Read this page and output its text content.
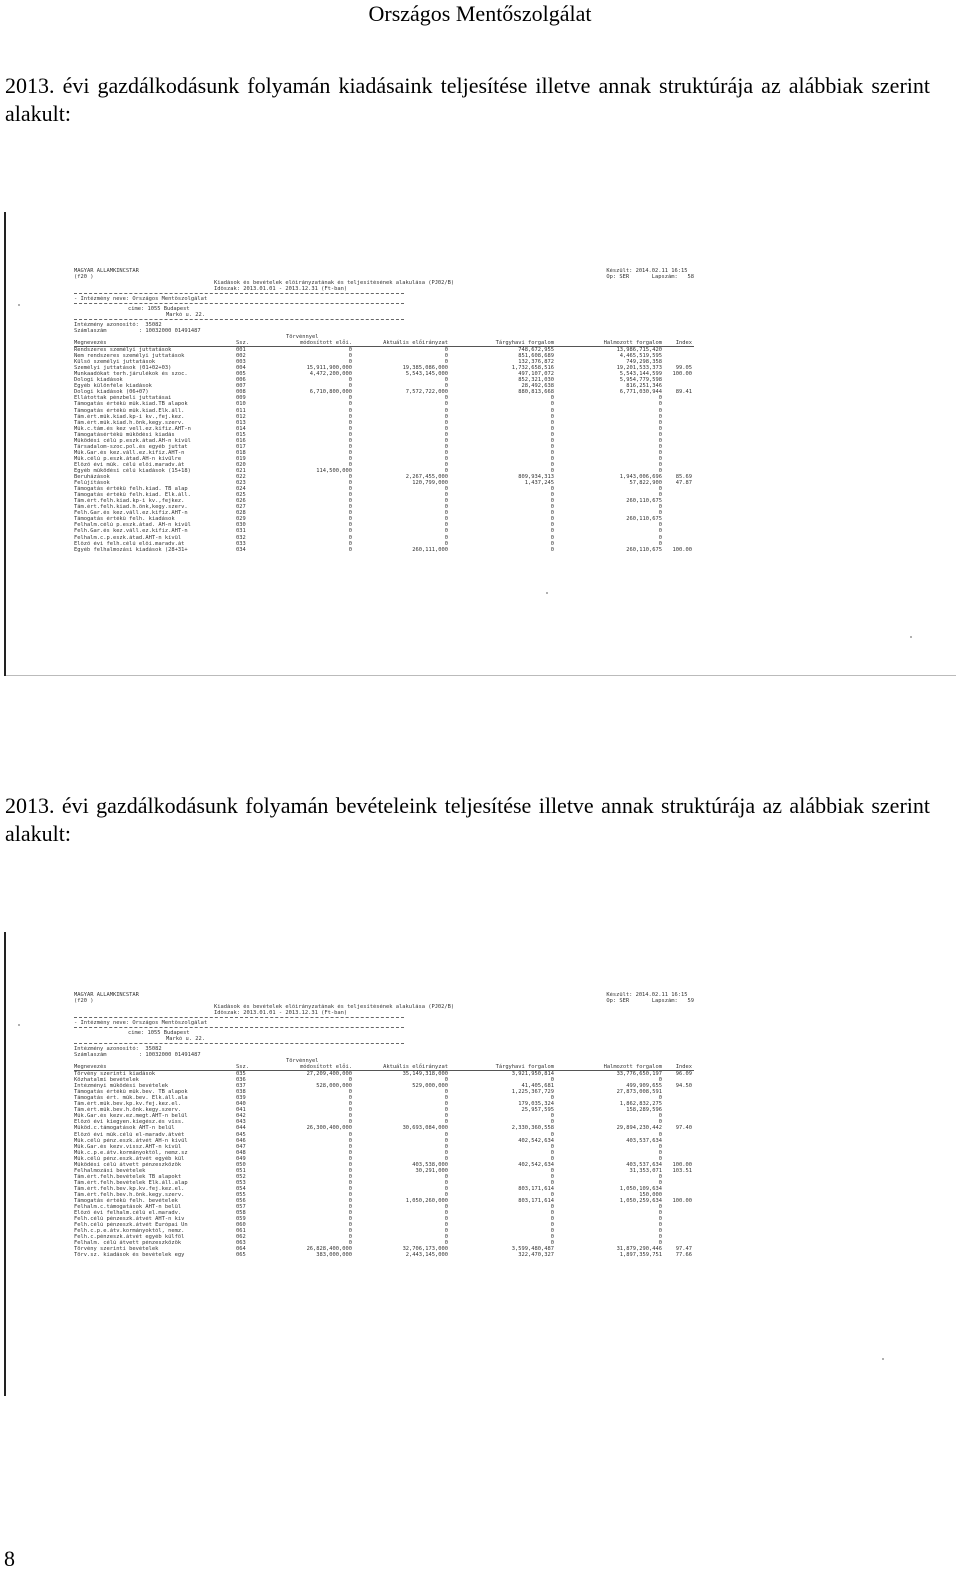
Országos Mentőszolgálat
2013. évi gazdálkodásunk folyamán kiadásaink teljesítése illetve annak struktúrája az alábbiak szerint alakult:
MAGYAR ÁLLAMKINCSTÁR
(f20 )
Készült: 2014.02.11 16:15
Op: SER       Lapszám:   58
Kiadások és bevételek előirányzatának és teljesítésének alakulása (PJ02/B)
Időszak: 2013.01.01 - 2013.12.31 (Ft-ban)
- Intézmény neve: Országos Mentőszolgálat
cime: 1055 Budapest
Markó u. 22.
Intézmény azonosító:  35082
Számlaszám          : 10032000 01491487
Törvénnyel
Megnevezés	Ssz.	módosított elői.	Aktuális előirányzat	Tárgyhavi forgalom	Halmozott forgalom	Index
Rendszeres személyi juttatások	001	0	0	748,672,955	13,986,715,420
Nem rendszeres személyi juttatások	002	0	0	851,608,689	4,465,519,595
Külső személyi juttatások	003	0	0	132,376,872	749,298,358
Személyi juttatások (01+02+03)	004	15,911,900,000	19,385,086,000	1,732,658,516	19,201,533,373	99.05
Munkaadókat terh.járulékok és szoc.	005	4,472,200,000	5,543,145,000	497,107,072	5,543,144,599	100.00
Dologi kiadások	006	0	0	852,321,030	5,954,779,598
Egyéb különféle kiadások	007	0	0	28,492,638	816,251,346
Dologi kiadások (06+07)	008	6,710,800,000	7,572,722,000	880,813,668	6,771,030,944	89.41
Ellátottak pénzbeli juttatásai	009	0	0	0	0
Támogatás értékű műk.kiad.TB alapok	010	0	0	0	0
Támogatás értékű műk.kiad.Elk.áll.	011	0	0	0	0
Tám.ért.műk.kiad.kp-i kv.,fej.kez.	012	0	0	0	0
Tám.ért.műk.kiad.h.önk,kegy.szerv.	013	0	0	0	0
Műk.c.tám.és kez vell.ez.kifiz.ÁHT-n	014	0	0	0	0
Támogatásértékű működési kiadás	015	0	0	0	0
Működési célú p.eszk.átad.ÁH-n kívül	016	0	0	0	0
Társadalom-szoc.pol.és egyéb juttat	017	0	0	0	0
Műk.Gar.és kez.váll.ez.kifiz.ÁHT-n	018	0	0	0	0
Műk.célú p.eszk.átad.ÁH-n kívülre	019	0	0	0	0
Előző évi műk. célú elői.maradv.át	020	0	0	0	0
Egyéb működési célú kiadások (15+18)	021	114,500,000	0	0	0
Beruházások	022	0	2,267,455,000	809,934,313	1,943,006,696	85.69
Felújítások	023	0	120,799,000	1,437,245	57,822,900	47.87
Támogatás értékű felh.kiad. TB alap	024	0	0	0	0
Támogatás értékű felh.kiad. Elk.áll.	025	0	0	0	0
Tám.ért.felh.kiad.kp-i kv.,fejkez.	026	0	0	0	260,110,675
Tám.ért.felh.kiad.h.önk,kegy.szerv.	027	0	0	0	0
Felh.Gar.és kez.váll.ez.kifiz.ÁHT-n	028	0	0	0	0
Támogatás értékű felh. kiadások	029	0	0	0	260,110,675
Felhalm.célú p.eszk.átad. ÁH-n kívül	030	0	0	0	0
Felh.Gar.és kez.váll.ez.kifiz.ÁHT-n	031	0	0	0	0
Felhalm.c.p.eszk.átad.ÁHT-n kívül	032	0	0	0	0
Előző évi felh.célú elői.maradv.át	033	0	0	0	0
Egyéb felhalmozási kiadások (28+31+	034	0	260,111,000	0	260,110,675	100.00
2013. évi gazdálkodásunk folyamán bevételeink teljesítése illetve annak struktúrája az alábbiak szerint alakult:
MAGYAR ÁLLAMKINCSTÁR
(f20 )
Készült: 2014.02.11 16:15
Op: SER       Lapszám:   59
Kiadások és bevételek előirányzatának és teljesítésének alakulása (PJ02/B)
Időszak: 2013.01.01 - 2013.12.31 (Ft-ban)
- Intézmény neve: Országos Mentőszolgálat
cime: 1055 Budapest
Markó u. 22.
Intézmény azonosító:  35082
Számlaszám          : 10032000 01491487
Törvénnyel
Megnevezés	Ssz.	módosított elői.	Aktuális előirányzat	Tárgyhavi forgalom	Halmozott forgalom	Index
Törvény szerinti kiadások	035	27,209,400,000	35,149,318,000	3,921,950,814	33,776,650,197	96.09
Közhatalmi bevételek	036	0	0	0	0
Intézményi működési bevételek	037	528,000,000	529,000,000	41,405,681	499,909,655	94.50
Támogatás értékű műk.bev. TB alapok	038	0	0	1,225,367,729	27,873,008,591
Támogatás ért. műk.bev. Elk.áll.ala	039	0	0	0	0
Tám.ért.műk.bev.kp.kv.fej.kez.el.	040	0	0	179,035,324	1,862,832,275
Tám.ért.műk.bev.h.önk.kegy.szerv.	041	0	0	25,957,595	158,289,596
Műk.Gar.és kezv.ez.megt.ÁHT-n belül	042	0	0	0	0
Előző évi kiegyen.kiegész.és viss.	043	0	0	0	0
Működ.c.támogatások ÁHT-n belül	044	26,300,400,000	30,693,084,000	2,330,360,558	29,894,230,442	97.40
Előző évi műk.célú el-maradv.átvét	045	0	0	0	0
Műk.célú pénz.eszk.átvét ÁH-n kívül	046	0	0	402,542,634	403,537,634
Műk.Gar.és kezv.vissz.ÁHT-n kívül	047	0	0	0	0
Műk.c.p.e.átv.kormányoktól, nemz.sz	048	0	0	0	0
Műk.célú pénz.eszk.átvét egyéb kül	049	0	0	0	0
Működési célú átvett pénzeszközök	050	0	403,538,000	402,542,634	403,537,634	100.00
Felhalmozási bevételek	051	0	30,291,000	0	31,353,071	103.51
Tám.ért.felh.bevételek TB alapokt	052	0	0	0	0
Tám.ért.felh.bevételek Elk.áll.alap	053	0	0	0	0
Tám.ért.felh.bev.kp.kv.fej.kez.el.	054	0	0	803,171,614	1,050,109,634
Tám.ért.felh.bev.h.önk.kegy.szerv.	055	0	0	0	150,000
Támogatás értékű felh. bevételek	056	0	1,050,260,000	803,171,614	1,050,259,634	100.00
Felhalm.c.támogatások ÁHT-n belül	057	0	0	0	0
Előző évi felhalm.célú el.maradv.	058	0	0	0	0
Felh.célú pénzeszk.átvét ÁHT-n kív	059	0	0	0	0
Felh.célú pénzeszk.átvét Európai Un	060	0	0	0	0
Felh.c.p.e.átv.kormányoktól, nemz.	061	0	0	0	0
Felh.c.pénzeszk.átvét egyéb külföl	062	0	0	0	0
Felhalm. célú átvett pénzeszközök	063	0	0	0	0
Törvény szerinti bevételek	064	26,828,400,000	32,706,173,000	3,599,480,487	31,879,290,446	97.47
Törv.sz. kiadások és bevételek egy	065	383,000,000	2,443,145,000	322,470,327	1,897,359,751	77.66
8
